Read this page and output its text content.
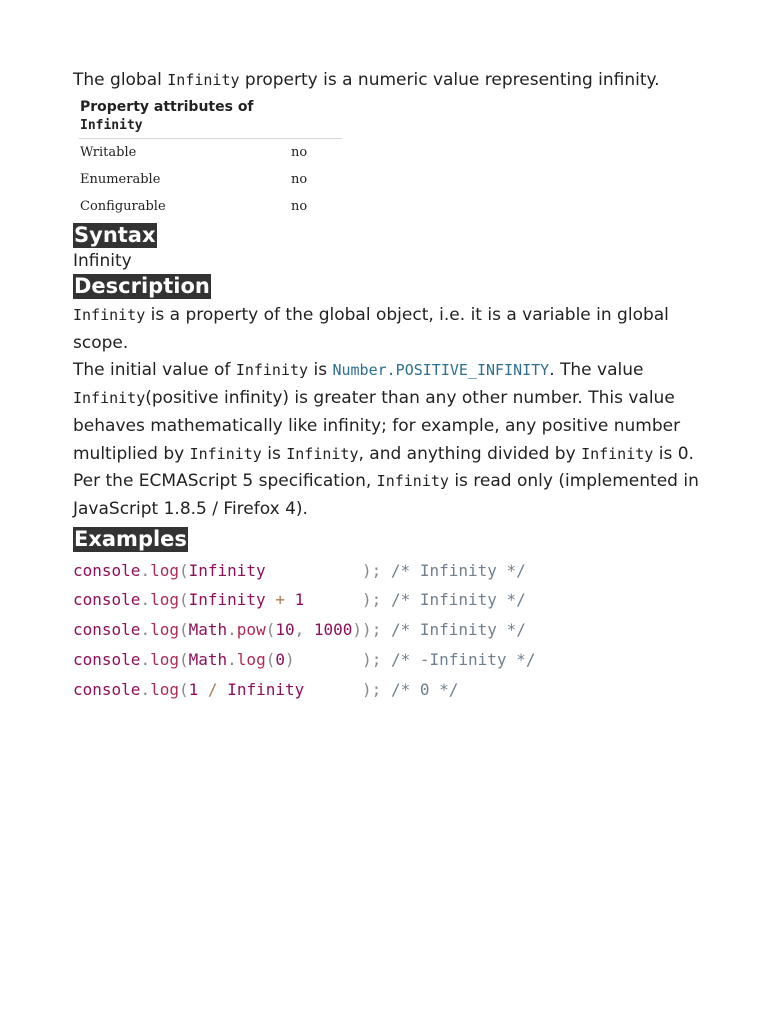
The global Infinity property is a numeric value representing infinity.

Property attributes of
Infinity
Writable	no
Enumerable	no
Configurable	no
Syntax

Infinity

Description

Infinity is a property of the global object, i.e. it is a variable in global scope.

The initial value of Infinity is Number.POSITIVE_INFINITY. The value Infinity(positive infinity) is greater than any other number. This value behaves mathematically like infinity; for example, any positive number multiplied by Infinity is Infinity, and anything divided by Infinity is 0.

Per the ECMAScript 5 specification, Infinity is read only (implemented in JavaScript 1.8.5 / Firefox 4).

Examples
console.log(Infinity	); /* Infinity */
console.log(Infinity + 1	); /* Infinity */
console.log(Math.pow(10, 1000)); /* Infinity */
console.log(Math.log(0)	); /* -Infinity */
console.log(1 / Infinity	); /* 0 */
